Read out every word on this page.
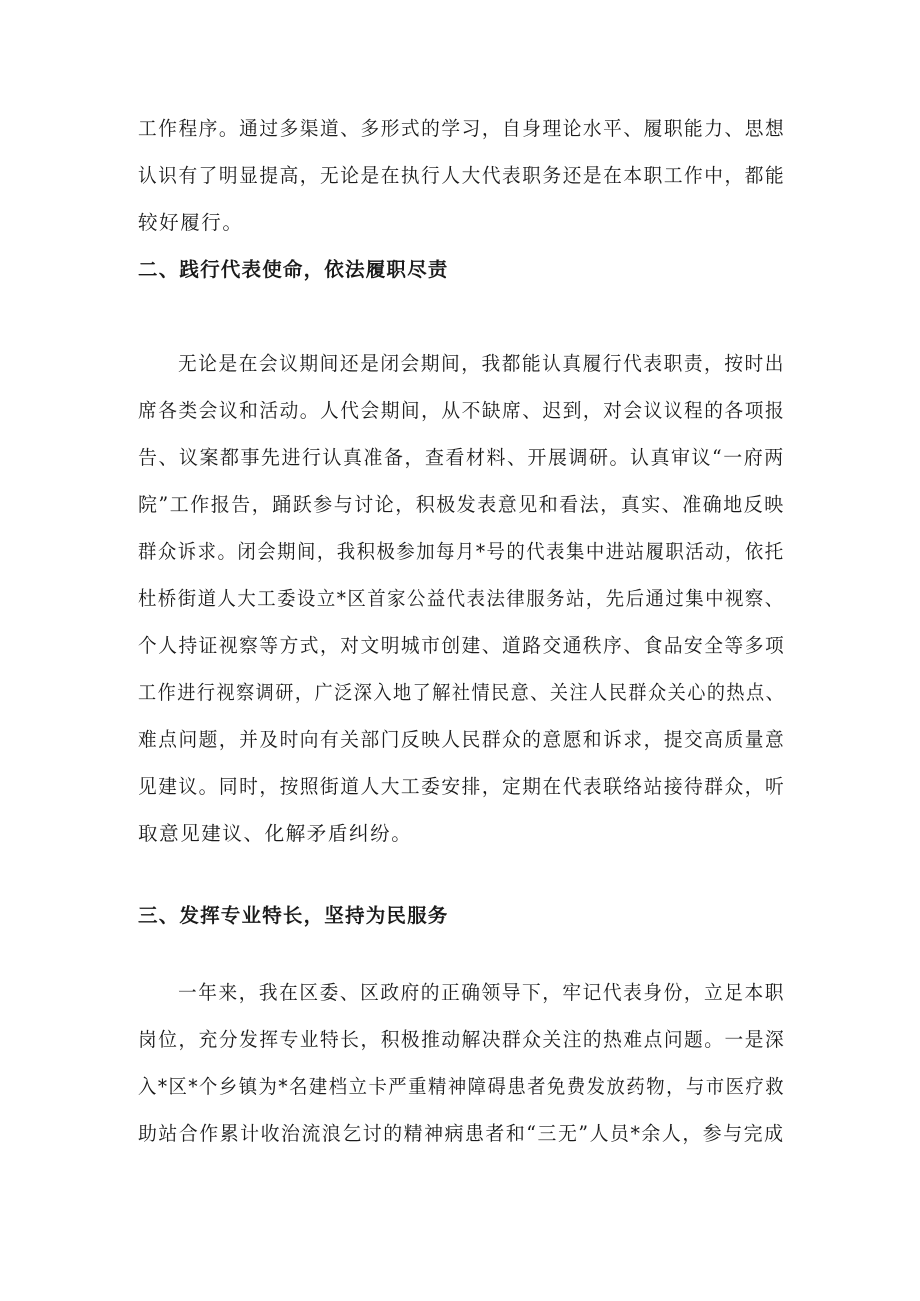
工作程序。通过多渠道、多形式的学习，自身理论水平、履职能力、思想
认识有了明显提高，无论是在执行人大代表职务还是在本职工作中，都能
较好履行。
二、践行代表使命，依法履职尽责
无论是在会议期间还是闭会期间，我都能认真履行代表职责，按时出
席各类会议和活动。人代会期间，从不缺席、迟到，对会议议程的各项报
告、议案都事先进行认真准备，查看材料、开展调研。认真审议“一府两
院”工作报告，踊跃参与讨论，积极发表意见和看法，真实、准确地反映
群众诉求。闭会期间，我积极参加每月*号的代表集中进站履职活动，依托
杜桥街道人大工委设立*区首家公益代表法律服务站，先后通过集中视察、
个人持证视察等方式，对文明城市创建、道路交通秩序、食品安全等多项
工作进行视察调研，广泛深入地了解社情民意、关注人民群众关心的热点、
难点问题，并及时向有关部门反映人民群众的意愿和诉求，提交高质量意
见建议。同时，按照街道人大工委安排，定期在代表联络站接待群众，听
取意见建议、化解矛盾纠纷。
三、发挥专业特长，坚持为民服务
一年来，我在区委、区政府的正确领导下，牢记代表身份，立足本职
岗位，充分发挥专业特长，积极推动解决群众关注的热难点问题。一是深
入*区*个乡镇为*名建档立卡严重精神障碍患者免费发放药物，与市医疗救
助站合作累计收治流浪乞讨的精神病患者和“三无”人员*余人，参与完成
